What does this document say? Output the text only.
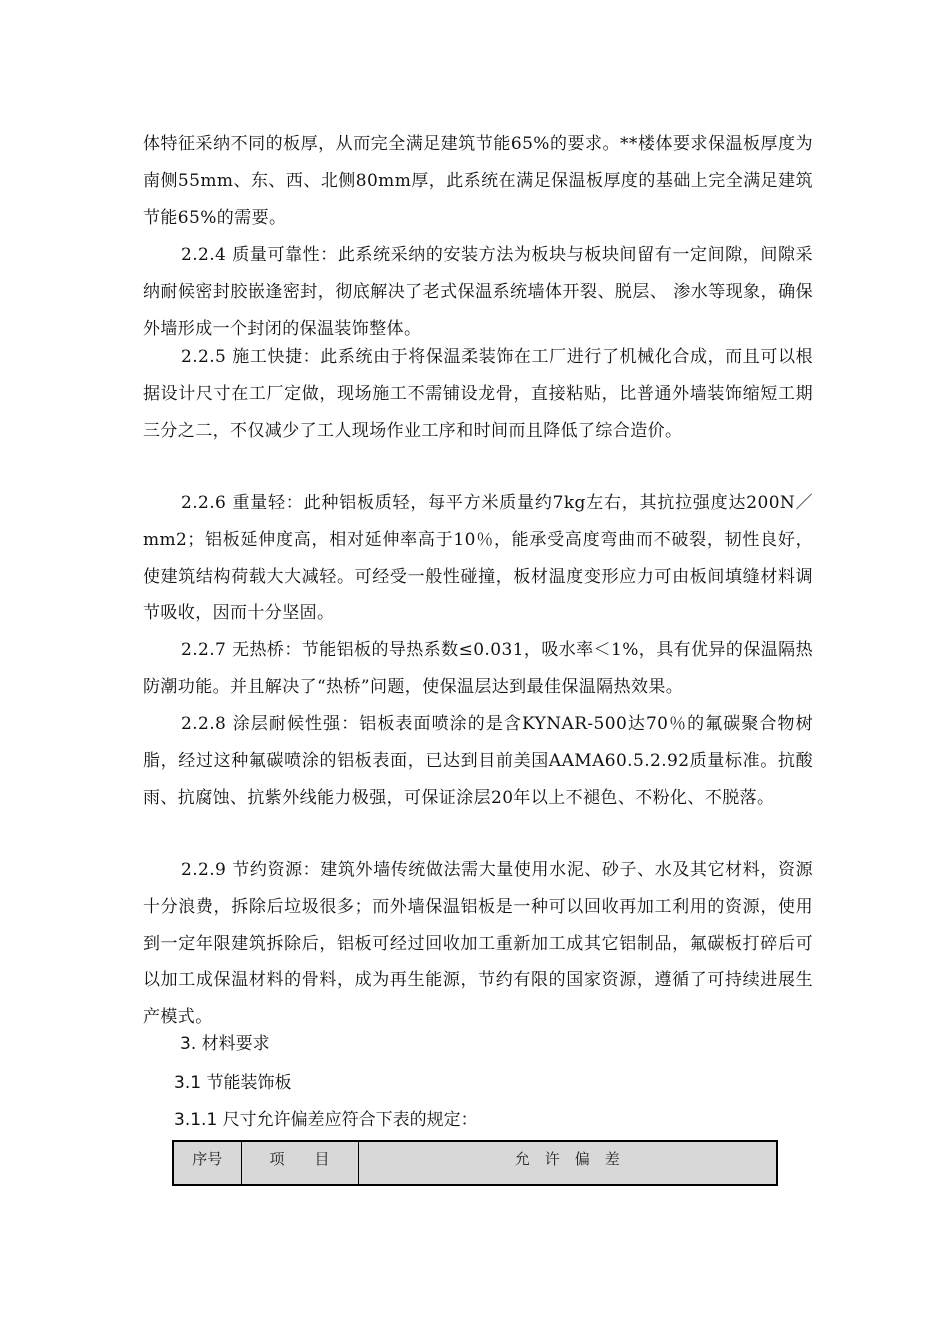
体特征采纳不同的板厚，从而完全满足建筑节能65%的要求。**楼体要求保温板厚度为南侧55mm、东、西、北侧80mm厚，此系统在满足保温板厚度的基础上完全满足建筑节能65%的需要。

2.2.4 质量可靠性：此系统采纳的安装方法为板块与板块间留有一定间隙，间隙采纳耐候密封胶嵌逢密封，彻底解决了老式保温系统墙体开裂、脱层、 渗水等现象，确保外墙形成一个封闭的保温装饰整体。

2.2.5 施工快捷：此系统由于将保温柔装饰在工厂进行了机械化合成，而且可以根据设计尺寸在工厂定做，现场施工不需铺设龙骨，直接粘贴，比普通外墙装饰缩短工期三分之二，不仅减少了工人现场作业工序和时间而且降低了综合造价。

2.2.6 重量轻：此种铝板质轻，每平方米质量约7kg左右，其抗拉强度达200N／mm2；铝板延伸度高，相对延伸率高于10％，能承受高度弯曲而不破裂，韧性良好，使建筑结构荷载大大减轻。可经受一般性碰撞，板材温度变形应力可由板间填缝材料调节吸收，因而十分坚固。

2.2.7 无热桥：节能铝板的导热系数≤0.031，吸水率＜1%，具有优异的保温隔热防潮功能。并且解决了“热桥”问题，使保温层达到最佳保温隔热效果。

2.2.8 涂层耐候性强：铝板表面喷涂的是含KYNAR-500达70％的氟碳聚合物树脂，经过这种氟碳喷涂的铝板表面，已达到目前美国AAMA60.5.2.92质量标准。抗酸雨、抗腐蚀、抗紫外线能力极强，可保证涂层20年以上不褪色、不粉化、不脱落。

2.2.9 节约资源：建筑外墙传统做法需大量使用水泥、砂子、水及其它材料，资源十分浪费，拆除后垃圾很多；而外墙保温铝板是一种可以回收再加工利用的资源，使用到一定年限建筑拆除后，铝板可经过回收加工重新加工成其它铝制品，氟碳板打碎后可以加工成保温材料的骨料，成为再生能源，节约有限的国家资源，遵循了可持续进展生产模式。

3. 材料要求

3.1 节能装饰板

3.1.1 尺寸允许偏差应符合下表的规定：

序号	项　　目	允　许　偏　差
